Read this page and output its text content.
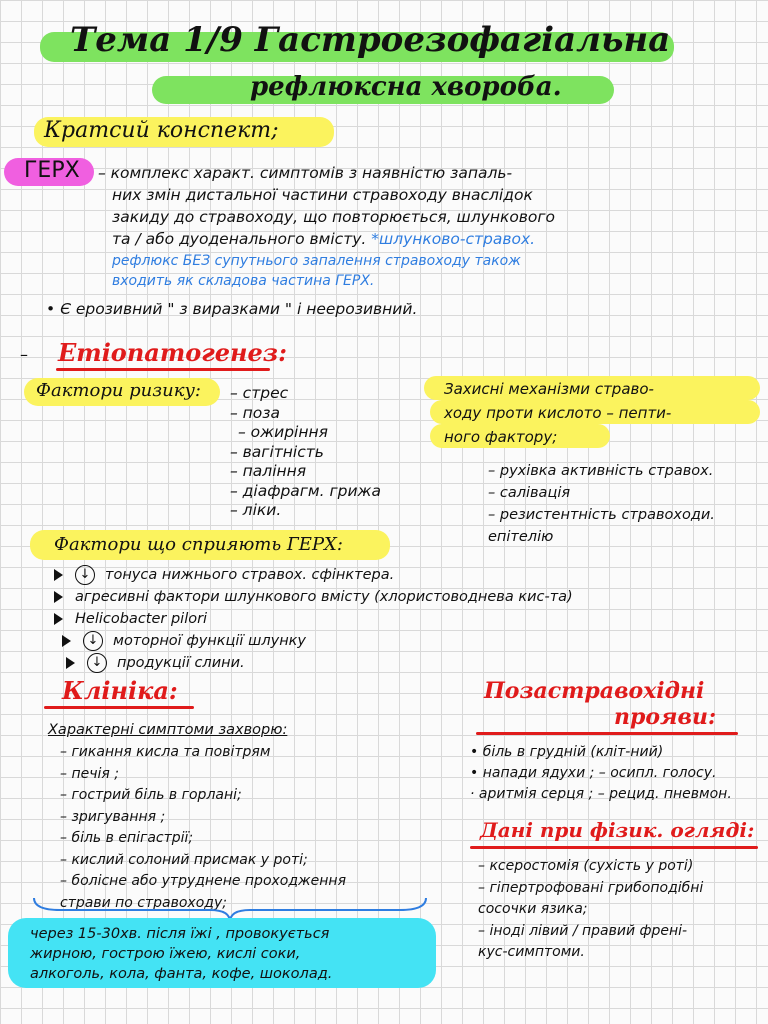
Тема 1/9 Гастроезофагіальна
рефлюксна хвороба.
Кратсий конспект;
ГЕРХ – комплекс характ. симптомів з наявністю запаль-
них змін дистальної частини стравоходу внаслідок
закиду до стравоходу, що повторюється, шлункового
та / або дуоденального вмісту. *шлунково-стравох.
рефлюкс БЕЗ супутнього запалення стравоходу також
входить як складова частина ГЕРХ.
• Є ерозивний " з виразками " і неерозивний.
– Етіопатогенез:
Фактори ризику: – стрес
– поза
– ожиріння
– вагітність
– паління
– діафрагм. грижа
– ліки.
Захисні механізми страво-
ходу проти кислото – пепти-
ного фактору;
– рухівка активність стравох.
– салівація
– резистентність стравоходи.
епітелію
Фактори що сприяють ГЕРХ:
↓ тонуса нижнього стравох. сфінктера.
агресивні фактори шлункового вмісту (хлористоводнева кис-та)
Helicobacter pilori
↓ моторної функції шлунку
↓ продукції слини.
Клініка:
Характерні симптоми захворю:
– гикання кисла та повітрям
– печія ;
– гострий біль в горлані;
– зригування ;
– біль в епігастрії;
– кислий солоний присмак у роті;
– болісне або утруднене проходження
страви по стравоходу;
через 15-30хв. після їжі , провокується
жирною, гострою їжею, кислі соки,
алкоголь, кола, фанта, кофе, шоколад.
Позастравохідні
прояви:
• біль в грудній (кліт-ний)
• напади ядухи ; – осипл. голосу.
· аритмія серця ; – рецид. пневмон.
Дані при фізик. огляді:
– ксеростомія (сухість у роті)
– гіпертрофовані грибоподібні
сосочки язика;
– іноді лівий / правий френі-
кус-симптоми.
